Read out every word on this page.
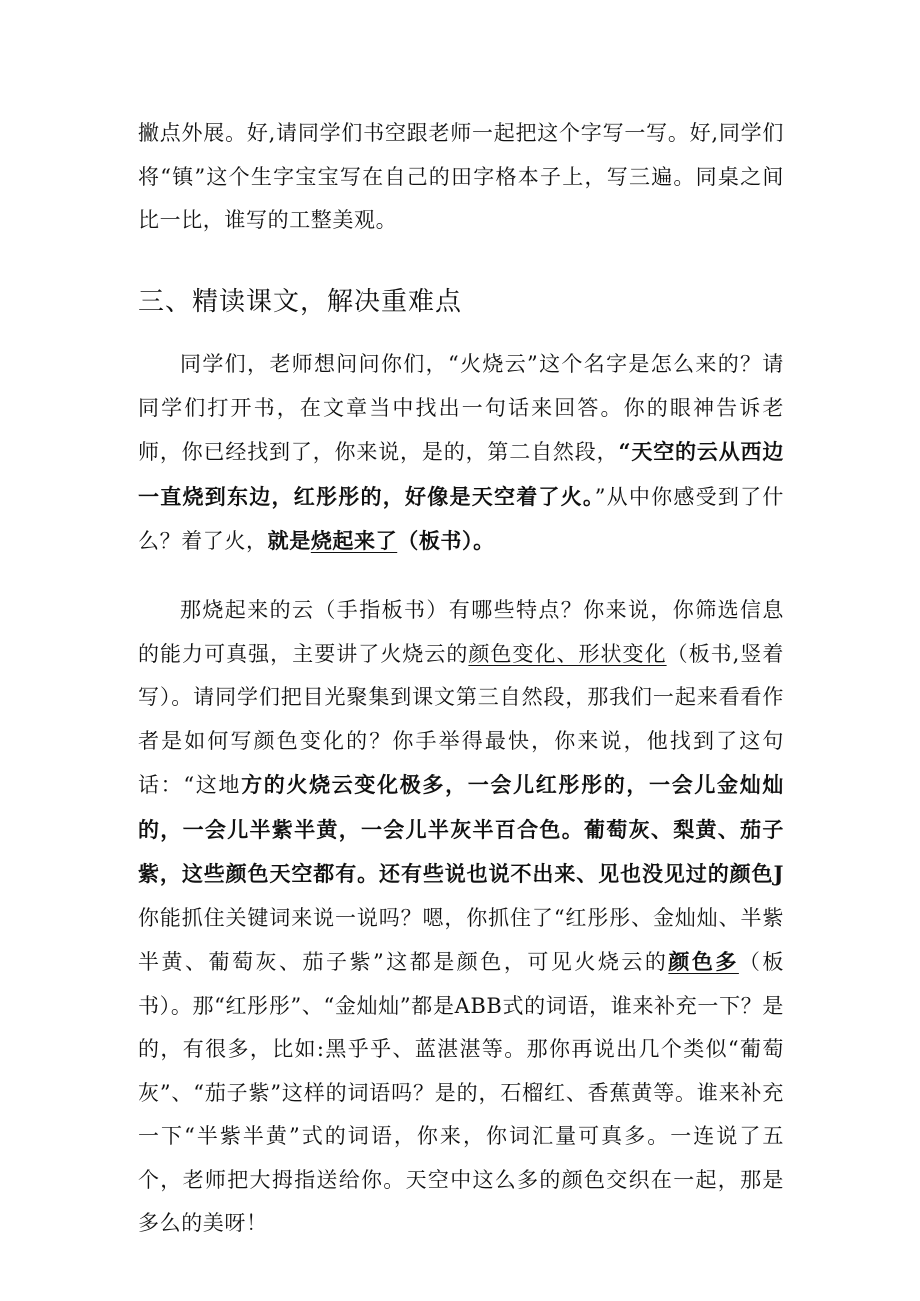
撇点外展。好,请同学们书空跟老师一起把这个字写一写。好,同学们将“镇”这个生字宝宝写在自己的田字格本子上，写三遍。同桌之间比一比，谁写的工整美观。

三、精读课文，解决重难点

同学们，老师想问问你们，“火烧云”这个名字是怎么来的？请同学们打开书，在文章当中找出一句话来回答。你的眼神告诉老师，你已经找到了，你来说，是的，第二自然段，“天空的云从西边一直烧到东边，红彤彤的，好像是天空着了火。”从中你感受到了什么？着了火，就是烧起来了（板书）。

那烧起来的云（手指板书）有哪些特点？你来说，你筛选信息的能力可真强，主要讲了火烧云的颜色变化、形状变化（板书,竖着写）。请同学们把目光聚集到课文第三自然段，那我们一起来看看作者是如何写颜色变化的？你手举得最快，你来说，他找到了这句话：“这地方的火烧云变化极多，一会儿红彤彤的，一会儿金灿灿的，一会儿半紫半黄，一会儿半灰半百合色。葡萄灰、梨黄、茄子紫，这些颜色天空都有。还有些说也说不出来、见也没见过的颜色J你能抓住关键词来说一说吗？嗯，你抓住了“红彤彤、金灿灿、半紫半黄、葡萄灰、茄子紫”这都是颜色，可见火烧云的颜色多（板书）。那“红彤彤”、“金灿灿”都是ABB式的词语，谁来补充一下？是的，有很多，比如:黑乎乎、蓝湛湛等。那你再说出几个类似“葡萄灰”、“茄子紫”这样的词语吗？是的，石榴红、香蕉黄等。谁来补充一下“半紫半黄”式的词语，你来，你词汇量可真多。一连说了五个，老师把大拇指送给你。天空中这么多的颜色交织在一起，那是多么的美呀！
